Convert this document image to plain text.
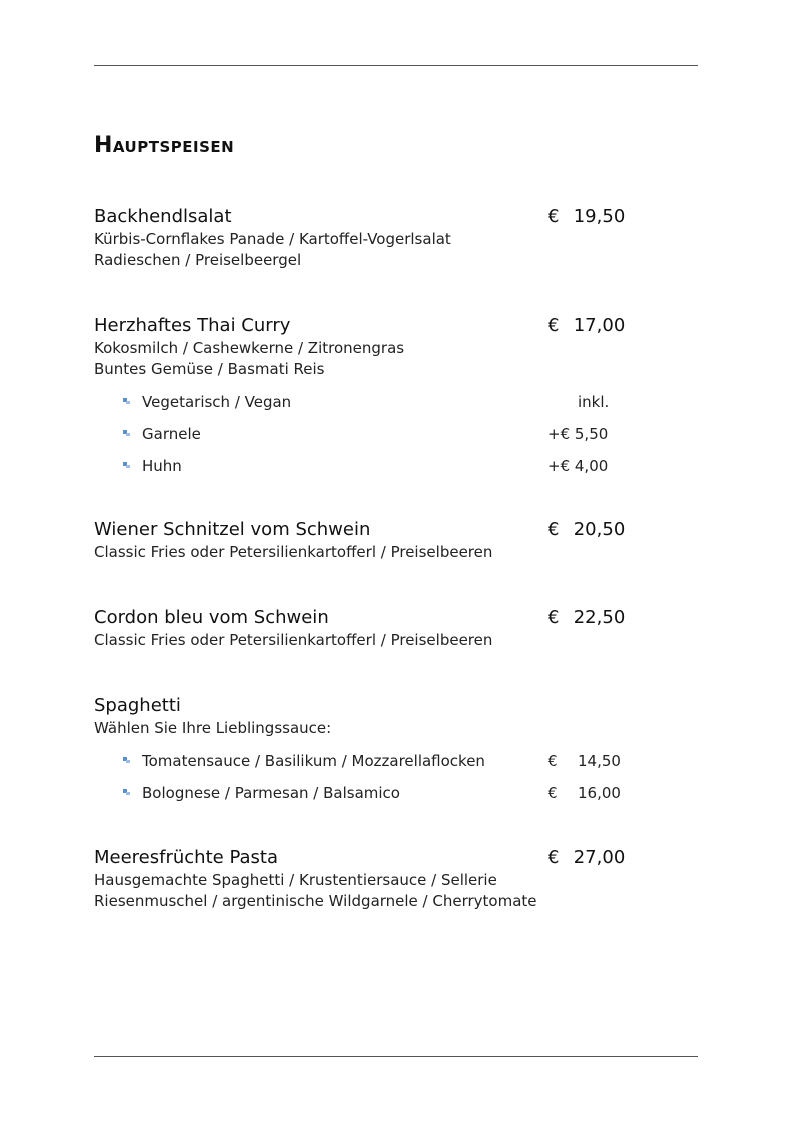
Hauptspeisen
Backhendlsalat	€ 19,50
Kürbis-Cornflakes Panade / Kartoffel-Vogerlsalat
Radieschen / Preiselbeergel
Herzhaftes Thai Curry	€ 17,00
Kokosmilch / Cashewkerne / Zitronengras
Buntes Gemüse / Basmati Reis
Vegetarisch / Vegan	inkl.
Garnele	+€ 5,50
Huhn	+€ 4,00
Wiener Schnitzel vom Schwein	€ 20,50
Classic Fries oder Petersilienkartofferl / Preiselbeeren
Cordon bleu vom Schwein	€ 22,50
Classic Fries oder Petersilienkartofferl / Preiselbeeren
Spaghetti
Wählen Sie Ihre Lieblingssauce:
Tomatensauce / Basilikum / Mozzarellaflocken	€ 14,50
Bolognese / Parmesan / Balsamico	€ 16,00
Meeresfrüchte Pasta	€ 27,00
Hausgemachte Spaghetti / Krustentiersauce / Sellerie
Riesenmuschel / argentinische Wildgarnele / Cherrytomate
